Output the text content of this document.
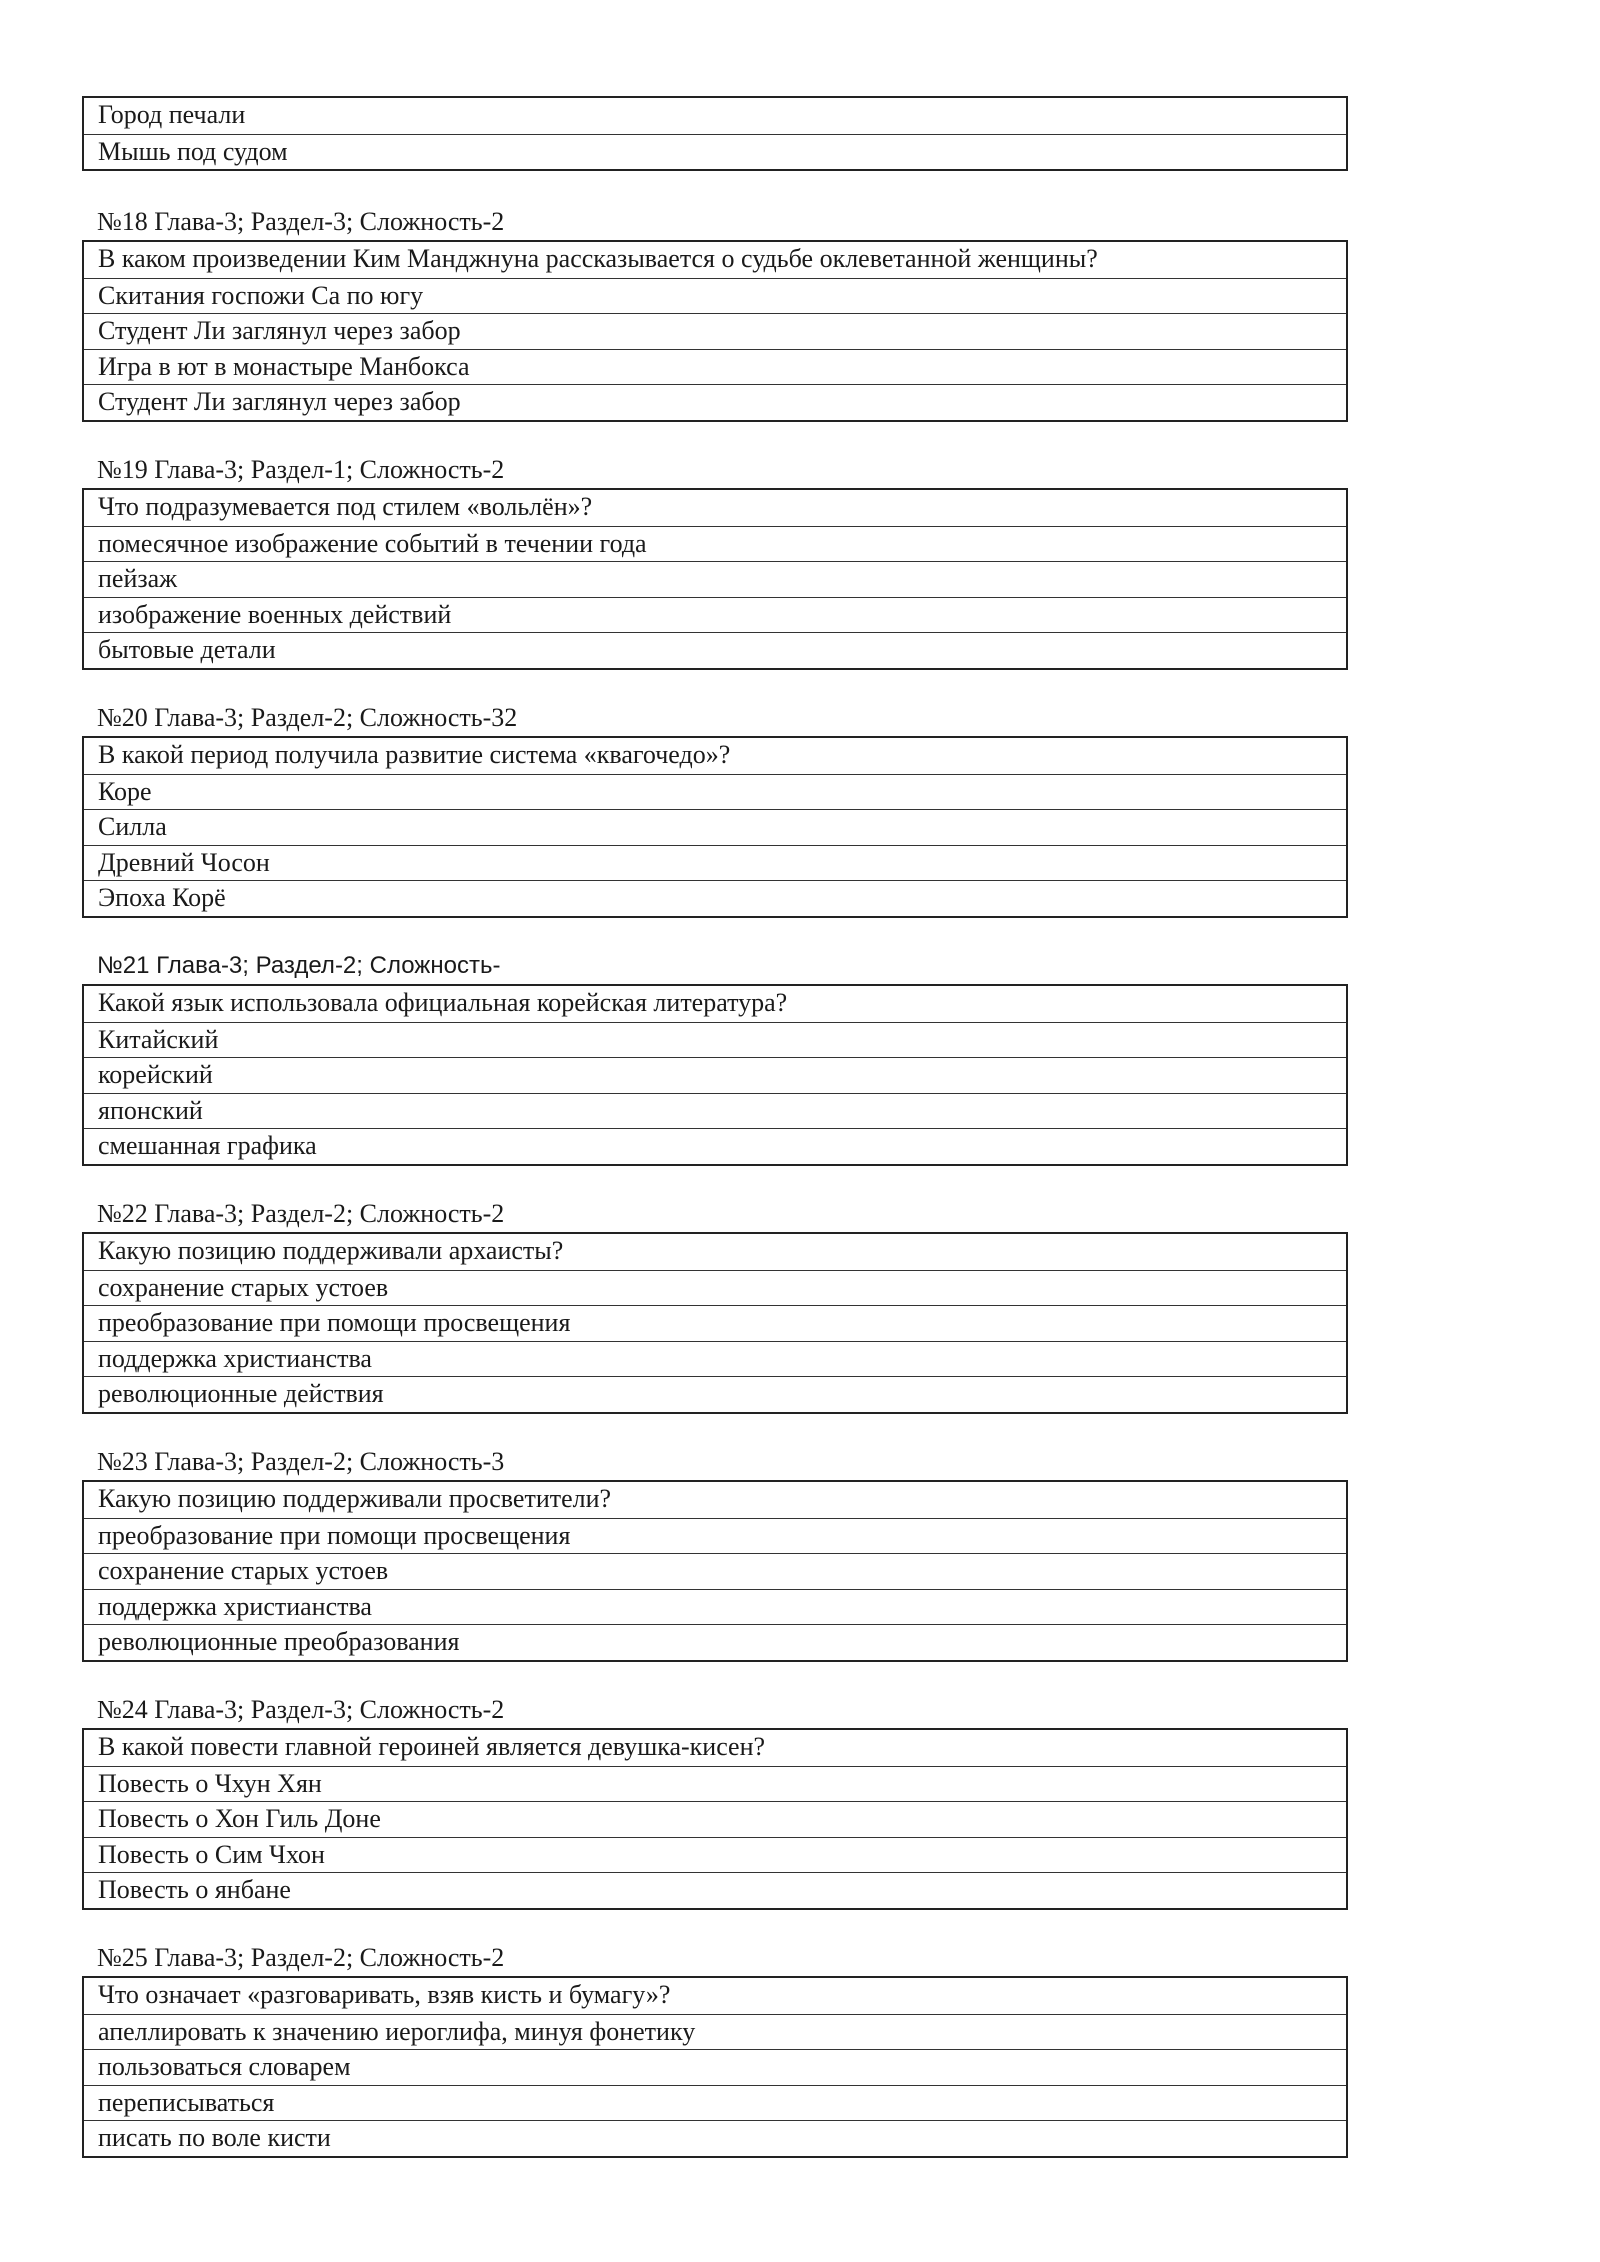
Город печали
Мышь под судом
№18 Глава-3; Раздел-3; Сложность-2
В каком произведении Ким Манджнуна рассказывается о судьбе оклеветанной женщины?
Скитания госпожи Са по югу
Студент Ли заглянул через забор
Игра в ют в монастыре Манбокса
Студент Ли заглянул через забор
№19 Глава-3; Раздел-1; Сложность-2
Что подразумевается под стилем «вольлён»?
помесячное изображение событий в течении года
пейзаж
изображение военных действий
бытовые детали
№20 Глава-3; Раздел-2; Сложность-32
В какой период получила развитие система «квагочедо»?
Коре
Силла
Древний Чосон
Эпоха Корё
№21 Глава-3; Раздел-2; Сложность-
Какой язык использовала официальная корейская литература?
Китайский
корейский
японский
смешанная графика
№22 Глава-3; Раздел-2; Сложность-2
Какую позицию поддерживали архаисты?
сохранение старых устоев
преобразование при помощи просвещения
поддержка христианства
революционные действия
№23 Глава-3; Раздел-2; Сложность-3
Какую позицию поддерживали просветители?
преобразование при помощи просвещения
сохранение старых устоев
поддержка христианства
революционные преобразования
№24 Глава-3; Раздел-3; Сложность-2
В какой повести главной героиней является девушка-кисен?
Повесть о Чхун Хян
Повесть о Хон Гиль Доне
Повесть о Сим Чхон
Повесть о янбане
№25 Глава-3; Раздел-2; Сложность-2
Что означает «разговаривать, взяв кисть и бумагу»?
апеллировать к значению иероглифа, минуя фонетику
пользоваться словарем
переписываться
писать по воле кисти
